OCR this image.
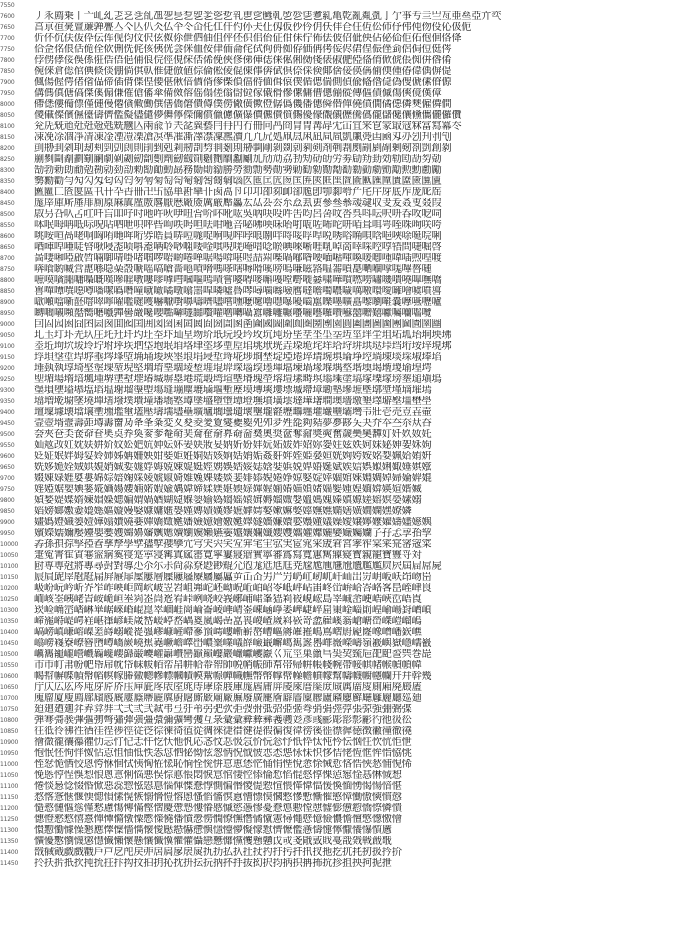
7550
7600	丿乑廌乗丨亠乢乣乤乥乧乨乪乫乬乭乮乯乲乴乵乶乷乸乹乺乻乼乽乿亀亁亂亃亄亅亇亊亐亖亗亙亜亝亞亣亪
7650	亯亰亱亴亶亷亸亹亼亽亾仈仌仏仐仒仚仛仜仠仢仦仧仩仭仮仯仱仴仸仹仺仼仾伀伂伃伄伅伆伇伈伋伌
7700	伒伓伔伕伖伜伝伡伣伨伩伬伭伮伱伳伵伷伹伻伾伿佀佁佂佄佅佇佈佉佊佋佌佒佔佖佡佢佦佨佪佫佭
7750	佮佱佲佷佸佹佺佽侀侁侂侅侇侊侌侎侐侒侓侕侖侘侙侚侜侞侟価侢侤侫侭侰侱侲侳侴侶侷侸侹侺
7800	侼侽侾俀俁係俇俈俉俋俌俍俒俓俔俕俖俙俛俠俢俤俥俧俫俬俰俲俴俵俶俷俹俻俼俽俿倀倁倂倃倄
7850	倇倈倉倊倌倎倐倓倗倘倛倝倠倢倣値倧倫倯倰倱倲倳倴倵倶倷倸倹倻倽倿偀偁偂偄偅偆偉偊偋偍
7900	偑偒偓偔偖偗偘偙偛偝偞偟偠偡偢偣偤偦偧偨偩偪偫偭偮偯偰偱偲偳側偵偸偹偺偼偽傁傂傃傄傆
7950	傋傌傎傏傐傑傒傓傔傕傖傗傘備傚傛傜傝傞傟傠傡傢傤傦傪傫傭傮傯傰傱傳傴債傶傷傸傹傼傽
8000	僀僁僂僃僄僅僆僈僊僋僌働僎僐僑僒僓僔僕僗僘僙僛僜僝僞僟僠僡僢僣僤僥僨僩僪僫僯僰僱僲僴
8050	儍儎儏儐儑儓儔儕儖儗儘儙儚儛儜儝儞償儠儢儣儤儥儦儧儨儩優儫儬儭儮儯儰儱儲儳儴儵儶儷儸儹
8100	兊兏兓兘兙兛兝兞兟兤兦兩兪兯兲兺兾兿冃冄円冇冊冋冎冏冐冑冓冔冘冚冝冞冟冡冣冦冧冨冩冪冭
8150	凁凂凃凅凈凊凍凎凐凒凓凔凕凖凗凘凙凚凜凞凟凢凣凥処凧凨凩凪凬凮凱凲凴凷凾刄刅刉刋刌刏
8200	刯刱刲刴刵刼刾剄剅剆則剈剉剋剎剏剒剓剕剗剘剙剚剛剝剟剠剢剣剤剦剨剫剬剭剮剰剱剳剴創剶
8250	剻剼剾劀劃劅劆劇劋劌劎劏劐劑劒劔劕劖劗劘劙劚劜劤劥劦劧劮劯劰労劵劶劷劸効劺劻劼劽勀
8300	勂勃勅勆勈勊勌勍勎勏勑勓勔動勗務勚勛勜勝勞勠勡勢勣勥勦勧勨勩勪勫勬勭勮勯勱勲勳勴勵
8350	勶勷勸勻勼勽匁匂匃匄匇匉匊匋匌匎匑匒匓匔匘匛匜匞匟匢匤匥匧匨匩匫匬匭匯匰匱匲匳匴匵
8400	匶匷匸匼匽區卂卄卆卋卌卍卐協単卙卛卝卥卨卪卬卭卲卶卹卻卼卽卾厀厁厃厇厈厊厎厏厐厑厒
8450	厖厗厙厛厜厞厠厡厤厧厪厫厬厭厯厰厱厲厳厴厵厷厸厹厺厼厽厾叀參叄叅叆叇収叏叐叒叓叕叚
8500	叞叧叴叺叾叿吀吂吅吇吋吔吘吙吚吜吢吤吥吪吰吳吶吷吺吽吿呁呂呄呅呇呉呌呍呎呏呑呚呝呞
8550	呠呡呣呥呧呩呪呫呬呭呮呯呰呴呹呺呾呿咁咃咅咇咈咉咊咍咑咓咗咘咜咞咟咠咡咢咥咮咰咲咵
8600	咷咹咺咼咾哃哅哊哋哖哘哛哠員哢哣哤哫哬哯哰哱哴哵哶哷哸哹哻哾唀唂唃唄唅唈唊唋唌唍唎
8650	唒唓唕唖唗唘唙唚唜唝唞唟唡唥唦唨唩唫唭唲唴唵唶唸唹唺唻唽啀啂啅啇啈啋啌啍啎問啑啒啓
8700	啚啛啝啞啟啠啢啣啨啩啫啯啰啱啲啳啴啹啺啽啿喅喆喌喍喎喐喒喓喕喖喗喚喛喞喠喡喢喣喤喥
8750	喯喰喲喴営喸喺喼喿嗀嗁嗂嗃嗆嗇嗈嗊嗋嗎嗏嗐嗕嗗嗘嗙嗚嗛嗞嗠嗢嗧嗩嗭嗮嗰嗱嗴嗶嗸嗹
8800	嗻嗼嗿嘂嘃嘄嘅嘆嘇嘊嘋嘍嘐嘑嘒嘓嘔嘕嘖嘗嘙嘚嘜嘝嘠嘡嘢嘥嘦嘨嘩嘪嘫嘮嘯嘰嘳嘵嘷嘸嘺
8850	嘼嘽嘾噀噁噂噃噄噅噆噇噈噉噊噋噏噐噑噒噓噕噖噚噛噝噞噟噠噡噣噥噦噧噭噮噯噰噲噳噴噵
8900	噷噸噹噺噽噾噿嚀嚁嚂嚃嚄嚇嚈嚉嚊嚋嚌嚍嚐嚑嚒嚔嚕嚖嚗嚘嚙嚚嚛嚜嚝嚞嚟嚠嚡嚢嚤嚥嚦嚧
8950	嚩嚪嚫嚬嚭嚮嚰嚱嚲嚳嚴嚵嚶嚸嚹嚺嚻嚽嚾嚿囀囁囂囃囄囅囆囇囈囉囋囌囍囎囏囐囑囒囓囕
9000	囙囜囥囦囧囨囩囪囬囮囯囲図囶囷囸囻囼圀圁圂圅圇國圌圍圎圏圐圑園圓圔圕圖圗團圙圚圛圝
9050	圠圡圢圤圥圦圧圫圱圲圴圵圶圷圸圼圽圿坁坃坄坅坆坈坉坋坒坓坔坕坖坘坙坢坣坥坧坬坮坰坱坲
9100	坴坵坸坹坺坽坾坿垀垁垇垈垉垊垍垎垏垐垑垔垕垖垗垘垙垚垜垝垞垟垥垨垪垬垯垰垱垳垵垶垷垹
9150	垺垻垼垽垾垿埀埁埄埅埆埇埈埉埊埌埍埐埑埓埖埗埛埜埞埡埢埣埥埦埧埨埩埪埫埬埮埰埱埲埳
9200	埵埶執埻埼埾埿堁堃堄堅堈堉堊堌堎堏堐堒堓堔堖堗堘堚堛堜堝堟堢堣堥堦堧堨堩堫堬堭堮
9250	堲堳場堶堷堸堹堺堻堼堽堾堿塀塁塂塃塅塆塇塈塉塊塋塎塏塐塒塓塕塖塗塙塚塛塜塝塟塠塡塢
9300	塣塤塦塧塨塩塪塭塮塯塰塱塲塳塴塵塶塷塸塹塺塻塼塽塿墂墄墆墇墈墊墋墌墍墎墏墐墑墔墕
9350	墖増墘墛墜墝墠墡墢墣墤墥墦墧墪墫墬墭墮墯墰墱墲墳墴墵墶墷墸墹墺墻墽墾墿壀壂壃壄壆
9400	壇壈壉壊壋壌壍壎壏壐壒壓壔壖壗壘壙壚壛壜壝壞壟壠壡壢壣壥壦壧壨壩壪壭壯壱売壴壵壷
9450	壸壺壻壼壽壾壿夀夁夃夅夆夈変夊夋夌夎夐夑夒夓夗夘夛夝夞夠夡夢夣夦夨夬夰夲夳夵夶夻
9500	夽夾夿奀奃奅奆奊奌奍奐奒奓奙奛奜奝奞奟奡奣奤奦奧奨奩奪奫奬奭奮奯奰奱奲奵奷奺奻奼
9550	奾奿妀妅妉妋妌妎妏妐妑妔妕妘妚妛妜妝妟妠妡妢妦妧妬妭妰妱妳妴妵妶妷妸妺妼妽妿姀姁
9600	姂姃姄姅姆姇姈姉姊姌姍姎姏姕姖姙姛姞姟姠姡姢姤姦姧姩姪姫姭姮姯姰姱姲姳姴姵姶姷姸
9650	姺姼姽姾娀娂娊娋娍娎娏娐娒娔娕娖娗娙娚娛娝娞娡娢娤娦娧娨娪娫娬娭娮娯娰娳娵娷娸娹
9700	娺娻娽娾娿婁婂婃婄婅婇婈婋婌婍婎婏婐婑婒婓婔婖婗婘婙婛婜婝婞婟婠婡婣婤婥婦婨婩婫
9750	婬婭婮婯婰婱婲婳婸婹婻婼婽婾媀媁媂媃媄媅媆媇媈媉媊媋媌媍媎媏媐媑媓媔媕媖媗媘媙
9800	媜媝媞媟媠媡媢媣媤媥媦媧媨媩媫媬媭媮媯媰媱媴媶媷媹媺媻媼媽媿嫀嫃嫄嫅嫆嫇嫈嫊嫋
9850	嫍嫎嫏嫐嫑嫓嫕嫗嫙嫚嫛嫝嫞嫟嫢嫤嫥嫧嫨嫪嫬嫭嫮嫯嫰嫲嫳嫴嫵嫶嫷嫸嫹嫺嫻嫼嫽嫾
9900	嫿嬀嬁嬂嬃嬄嬅嬆嬇嬈嬊嬋嬌嬍嬎嬏嬐嬑嬒嬓嬔嬕嬘嬙嬚嬛嬜嬝嬞嬟嬠嬡嬢嬣嬤嬥嬦嬧嬨嬩
9950	嬪嬫嬬嬭嬮嬯嬰嬱嬳嬵嬶嬸嬹嬺嬻嬼嬽嬾嬿孁孂孃孄孅孆孇孈孉孊孋孌孍孎孏孒孖孞孠孡孧
10000	孨孫孭孮孯孲孴孶孷學孹孻孼孾孿宂宆宊宍宎宐宑宒宔宖実宧宨宩宬宭宮宯宱宲宷宺宻宼寀
10050	寁寃寈寉寊寋寍寎寏寑寔寕寖寗寘寙寚寛寜寠寢寣實寧審寪寫寬寭寯寱寲寳寴寵寶寷寽対
10100	尀専尃尅將專尋尌對導尐尒尓尗尙尛尞尟尠尡尣尦尨尩尪尫尭尮尯尰尲尳尵尶尷屃屄屆屇屌屍
10150	屒屓屔屖屗屘屚屛屜屝屟屢層屧屨屩屪屫屬屭屰屲屳屴屵屶屷屸屻屼屽屾岀岃岄岅岆岇岉岊
10200	岋岎岏岒岓岕岝岞岟岠岡岤岥岦岧岨岪岮岯岰岲岴岶岹岺岻岼岾峀峂峃峅峆峇峈峉峊峌峍峎
10250	峏峐峑峓峔峕峖峗峘峚峛峜峝峞峟峠峢峣峧峩峫峬峮峯峱峲峳峴峵島峷峸峹峺峼峽峾峿崀
10300	崁崄崅崈崉崊崋崌崍崏崐崑崒崓崕崗崘崙崚崜崝崟崠崡崢崣崥崨崪崫崬崯崰崱崲崳崵崶崷崸
10350	崹崺崻崼崿嵀嵁嵂嵃嵄嵅嵆嵈嵉嵍嵎嵏嵐嵑嵒嵓嵔嵕嵖嵗嵙嵚嵜嵞嵟嵠嵡嵢嵣嵤嵥嵦嵧嵨
10400	嵪嵭嵮嵰嵱嵲嵳嵵嵶嵷嵸嵹嵺嵻嵼嵽嵾嵿嶀嶁嶃嶄嶅嶆嶇嶈嶉嶊嶋嶌嶍嶎嶏嶐嶑嶒嶓嶔嶕
10450	嶖嶗嶘嶚嶛嶜嶞嶟嶠嶡嶢嶣嶤嶥嶦嶧嶨嶩嶪嶫嶬嶭嶮嶯嶰嶱嶲嶳嶴嶵嶶嶸嶹嶺嶻嶼嶽嶾嶿巀
10500	巁巂巃巄巆巇巈巉巊巋巌巎巏巐巑巒巓巔巕巖巗巘巙巚巜巟巠巣巤巪巬巭巰巵巶巸巹巺巻巼
10550	巿帀帄帇帉帊帋帍帎帒帓帗帞帟帠帡帢帣帤帥帨帩帪師帬帯帰帲帳帴帵帶帹帺帾帿幀幁幃
10600	幆幇幈幉幊幋幍幎幏幐幑幒幓幖幗幘幙幚幜幝幟幠幣幤幥幦幧幨幩幪幫幬幭幮幰幱幵幷幹幾
10650	庁庂広庅庈庉庌庍庎庒庘庛庝庡庢庣庤庨庩庪庫庬庮庯庰庱庲庴庺庻庼庽庿廀廁廂廃廄廅
10700	廆廇廈廋廌廍廎廏廐廔廕廗廘廙廚廜廝廞廟廠廡廢廣廤廥廦廧廩廫廬廭廮廯廰廱廲廳廵廸
10750	廹廻廼廽弅弆弇弉弌弍弎弐弒弔弖弙弚弜弝弞弡弢弣弤弨弫弬弮弰弲弳弴張弶強弸弻弽
10800	弾弿彁彂彃彄彅彆彇彈彉彊彋彌彍彎彏彑彔彙彚彛彜彞彟彠彣彥彧彨彫彮彯彲彴彵彶彸
10850	彺彽彾彿徃徆徍徎徏徑従徔徖徚徛徝從徟徠徢徣徤徥徦徧復徫徬徯徰徱徲徳徴徶徸徹徺
10900	徻徾徿忀忁忂忇忈忊忋忎忓忔忕忚忛応忞忟忢忣忥忦忨忩忬忯忰忲忳忴忶忷忹忺忼怇怈
10950	怉怋怌怐怑怓怗怘怚怞怟怢怣怤怬怭怮怰怱怲怳怴怶怷怸怹怺怽怾恀恄恅恆恇恈恉恊恌
11000	恎恏恑恓恔恖恗恘恛恜恞恟恠恡恥恦恮恱恲恴恵恷恾悀悁悂悅悆悇悈悊悋悎悏悐悑悓悕
11050	悗悘悙悜悞悡悢悤悥悧悩悪悮悰悳悵悶悷悹悺悽悾悿惀惁惂惃惄惇惈惉惌惍惎惏惐惒
11100	惓惔惖惗惙惛惞惡惢惣惤惥惪惱惲惵惷惸惻惼惽惾惿愂愃愄愅愇愊愋愌愐愑愒愓愔愖
11150	愗愘愙愜愝愞愢愪愫愰愱愵愶愷愹慁慅慆慉慏慐慒慓慔慖慗慘慙慚慛慜慞慟慠慡慣慤
11200	慥慦慩慪慫慬慭慮慯慱慲慳慴慶慸慹慺慻慼慽慾慿憀憂憃憄憅憆憇憈憉憊憌憍憏憐憒
11250	憓憕憖憗憘憙憚憛憜憞憟憠憡憢憣憤憥憦憪憭憮憯憰憱憲憳憴憵憶憸憹憺憻憼憽憿懀
11300	懁懃懄懅懆懇應懌懍懎懏懐懓懕懖懗懘懙懚懛懜懝懞懟懠懡懢懣懤懥懧懨懩懪懫懬
11350	懭懮懯懰懱懲懳懴懶懷懸懹懺懻懼懽懾戀戁戂戃戄戅戇戉戓戔戙戜戝戞戠戣戦戧戨
11400	戩戫戭戱戲戵戶戸戹戺戻戼扂扄扅扆扊扏扐払扖扗扙扚扜扝扞扟扠扡扢扤扥扨扱扲扴
11450	扵扷扸扺扻扽抁抂抃抅抆抇抈抋抌抍抎抏抐抔抙抜抝択抣抦抧抩抪抭抮抯抰抲抳抴
